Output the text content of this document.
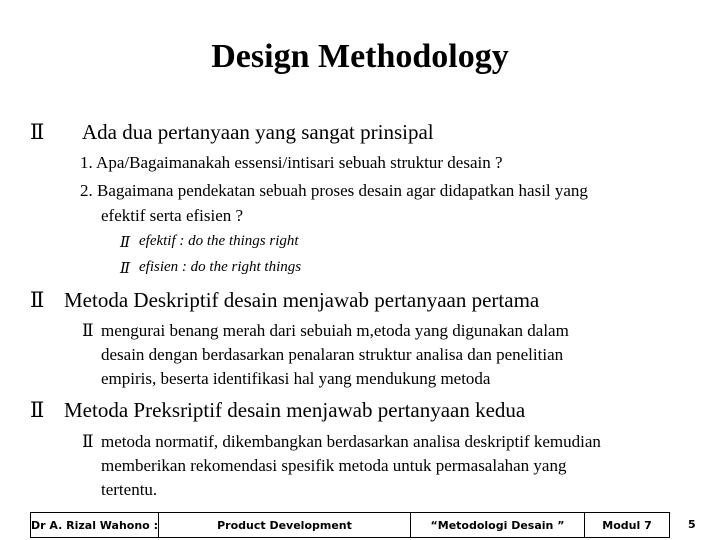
Design Methodology
Ⅱ Ada dua pertanyaan yang sangat prinsipal
1. Apa/Bagaimanakah essensi/intisari sebuah struktur desain ?
2. Bagaimana pendekatan sebuah proses desain agar didapatkan hasil yang
efektif serta efisien ?
Ⅱ efektif : do the things right
Ⅱ efisien : do the right things
Ⅱ Metoda Deskriptif desain menjawab pertanyaan pertama
Ⅱ mengurai benang merah dari sebuiah m,etoda yang digunakan dalam
desain dengan berdasarkan penalaran struktur analisa dan penelitian
empiris, beserta identifikasi hal yang mendukung metoda
Ⅱ Metoda Preksriptif desain menjawab pertanyaan kedua
Ⅱ metoda normatif, dikembangkan berdasarkan analisa deskriptif kemudian
memberikan rekomendasi spesifik metoda untuk permasalahan yang
tertentu.
Dr A. Rizal Wahono :	Product Development	“Metodologi Desain ”	Modul 7	5
